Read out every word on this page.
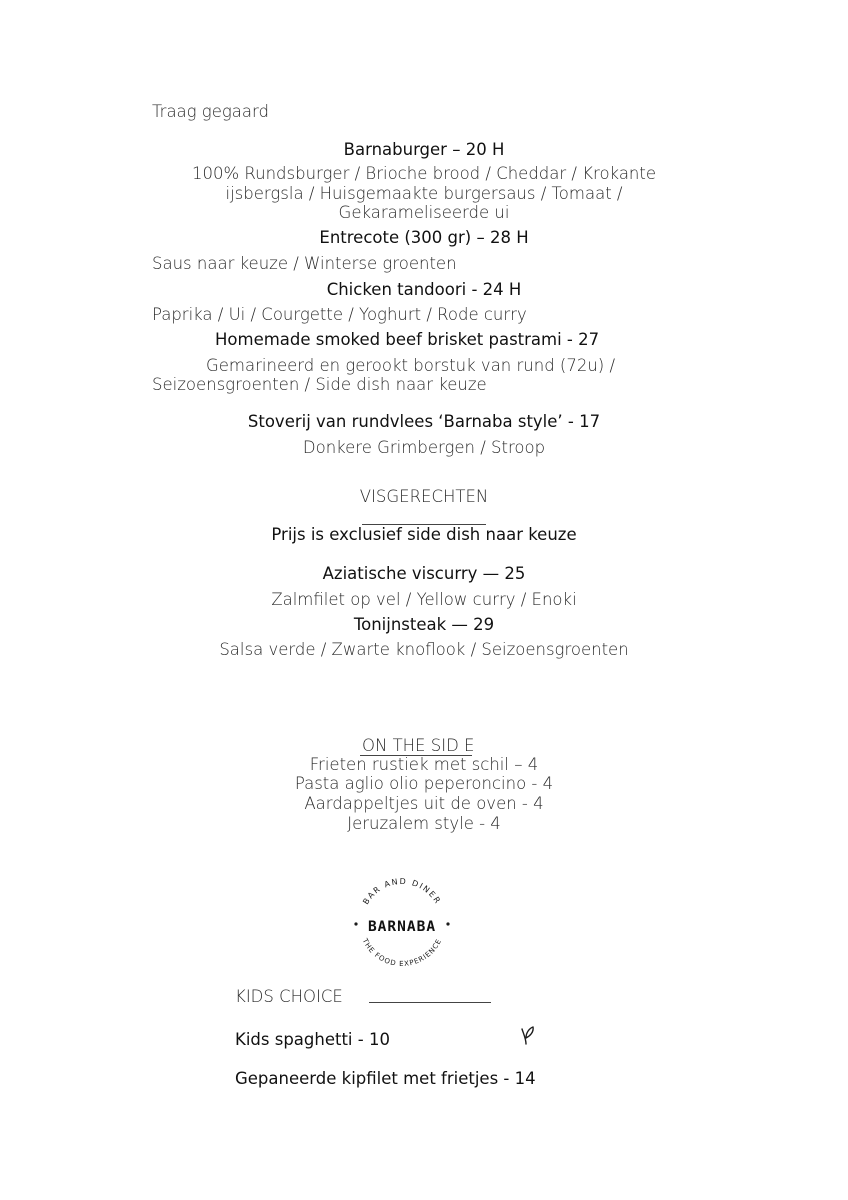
Traag gegaard
Barnaburger – 20 H
100% Rundsburger / Brioche brood / Cheddar / Krokante
ijsbergsla / Huisgemaakte burgersaus / Tomaat /
Gekarameliseerde ui
Entrecote (300 gr) – 28 H
Saus naar keuze / Winterse groenten
Chicken tandoori - 24 H
Paprika / Ui / Courgette / Yoghurt / Rode curry
Homemade smoked beef brisket pastrami - 27
Gemarineerd en gerookt borstuk van rund (72u) /
Seizoensgroenten / Side dish naar keuze
Stoverij van rundvlees ‘Barnaba style’ - 17
Donkere Grimbergen / Stroop
VISGERECHTEN
Prijs is exclusief side dish naar keuze
Aziatische viscurry — 25
Zalmfilet op vel / Yellow curry / Enoki
Tonijnsteak — 29
Salsa verde / Zwarte knoflook / Seizoensgroenten
ON THE SID E
Frieten rustiek met schil – 4
Pasta aglio olio peperoncino - 4
Aardappeltjes uit de oven - 4
Jeruzalem style - 4
BAR AND DINER
THE FOOD EXPERIENCE
BARNABA
KIDS CHOICE
Kids spaghetti - 10
Gepaneerde kipfilet met frietjes - 14
